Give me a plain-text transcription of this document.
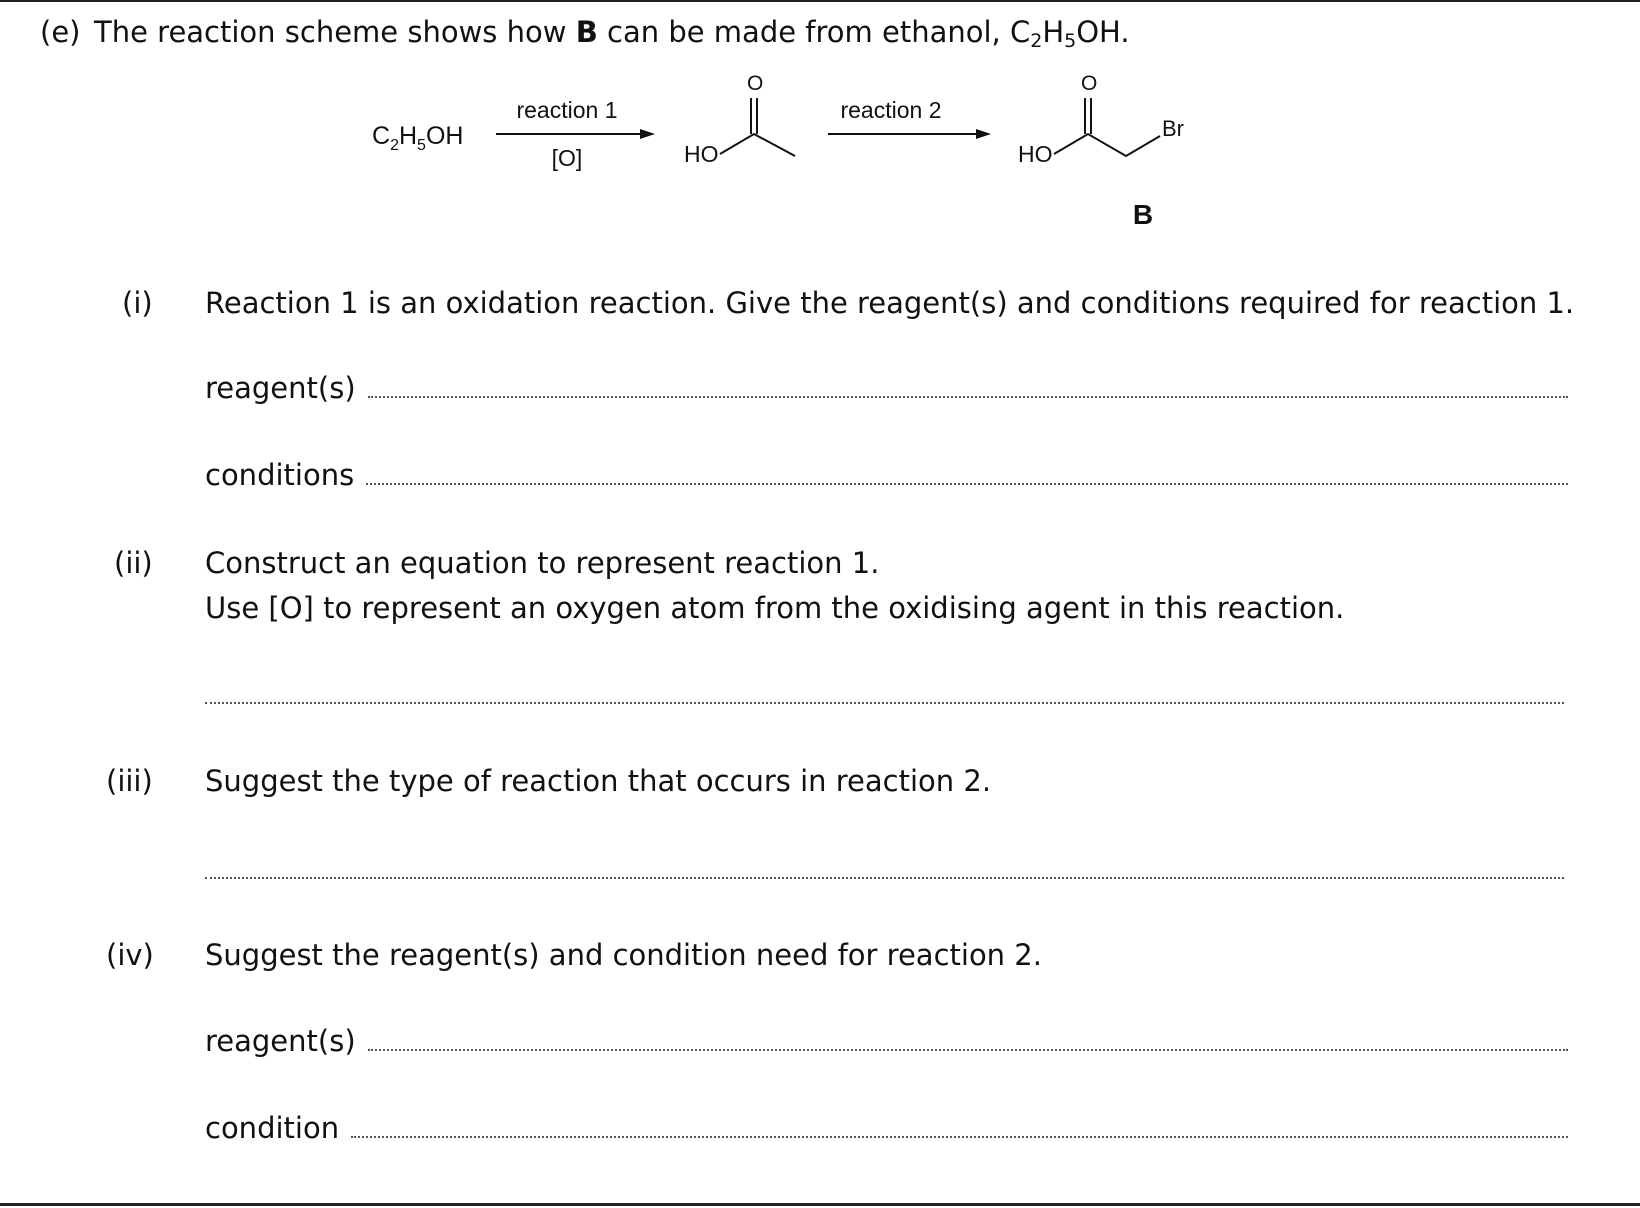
(e) The reaction scheme shows how B can be made from ethanol, $C_2H_5OH$.
$C_2H_5OH$
reaction 1
[O]	HO
O
reaction 2
HO
O
Br
B
(i) Reaction 1 is an oxidation reaction. Give the reagent(s) and conditions required for reaction 1.
reagent(s)
conditions
(ii) Construct an equation to represent reaction 1.
Use [O] to represent an oxygen atom from the oxidising agent in this reaction.
(iii) Suggest the type of reaction that occurs in reaction 2.
(iv) Suggest the reagent(s) and condition need for reaction 2.
reagent(s)
condition
